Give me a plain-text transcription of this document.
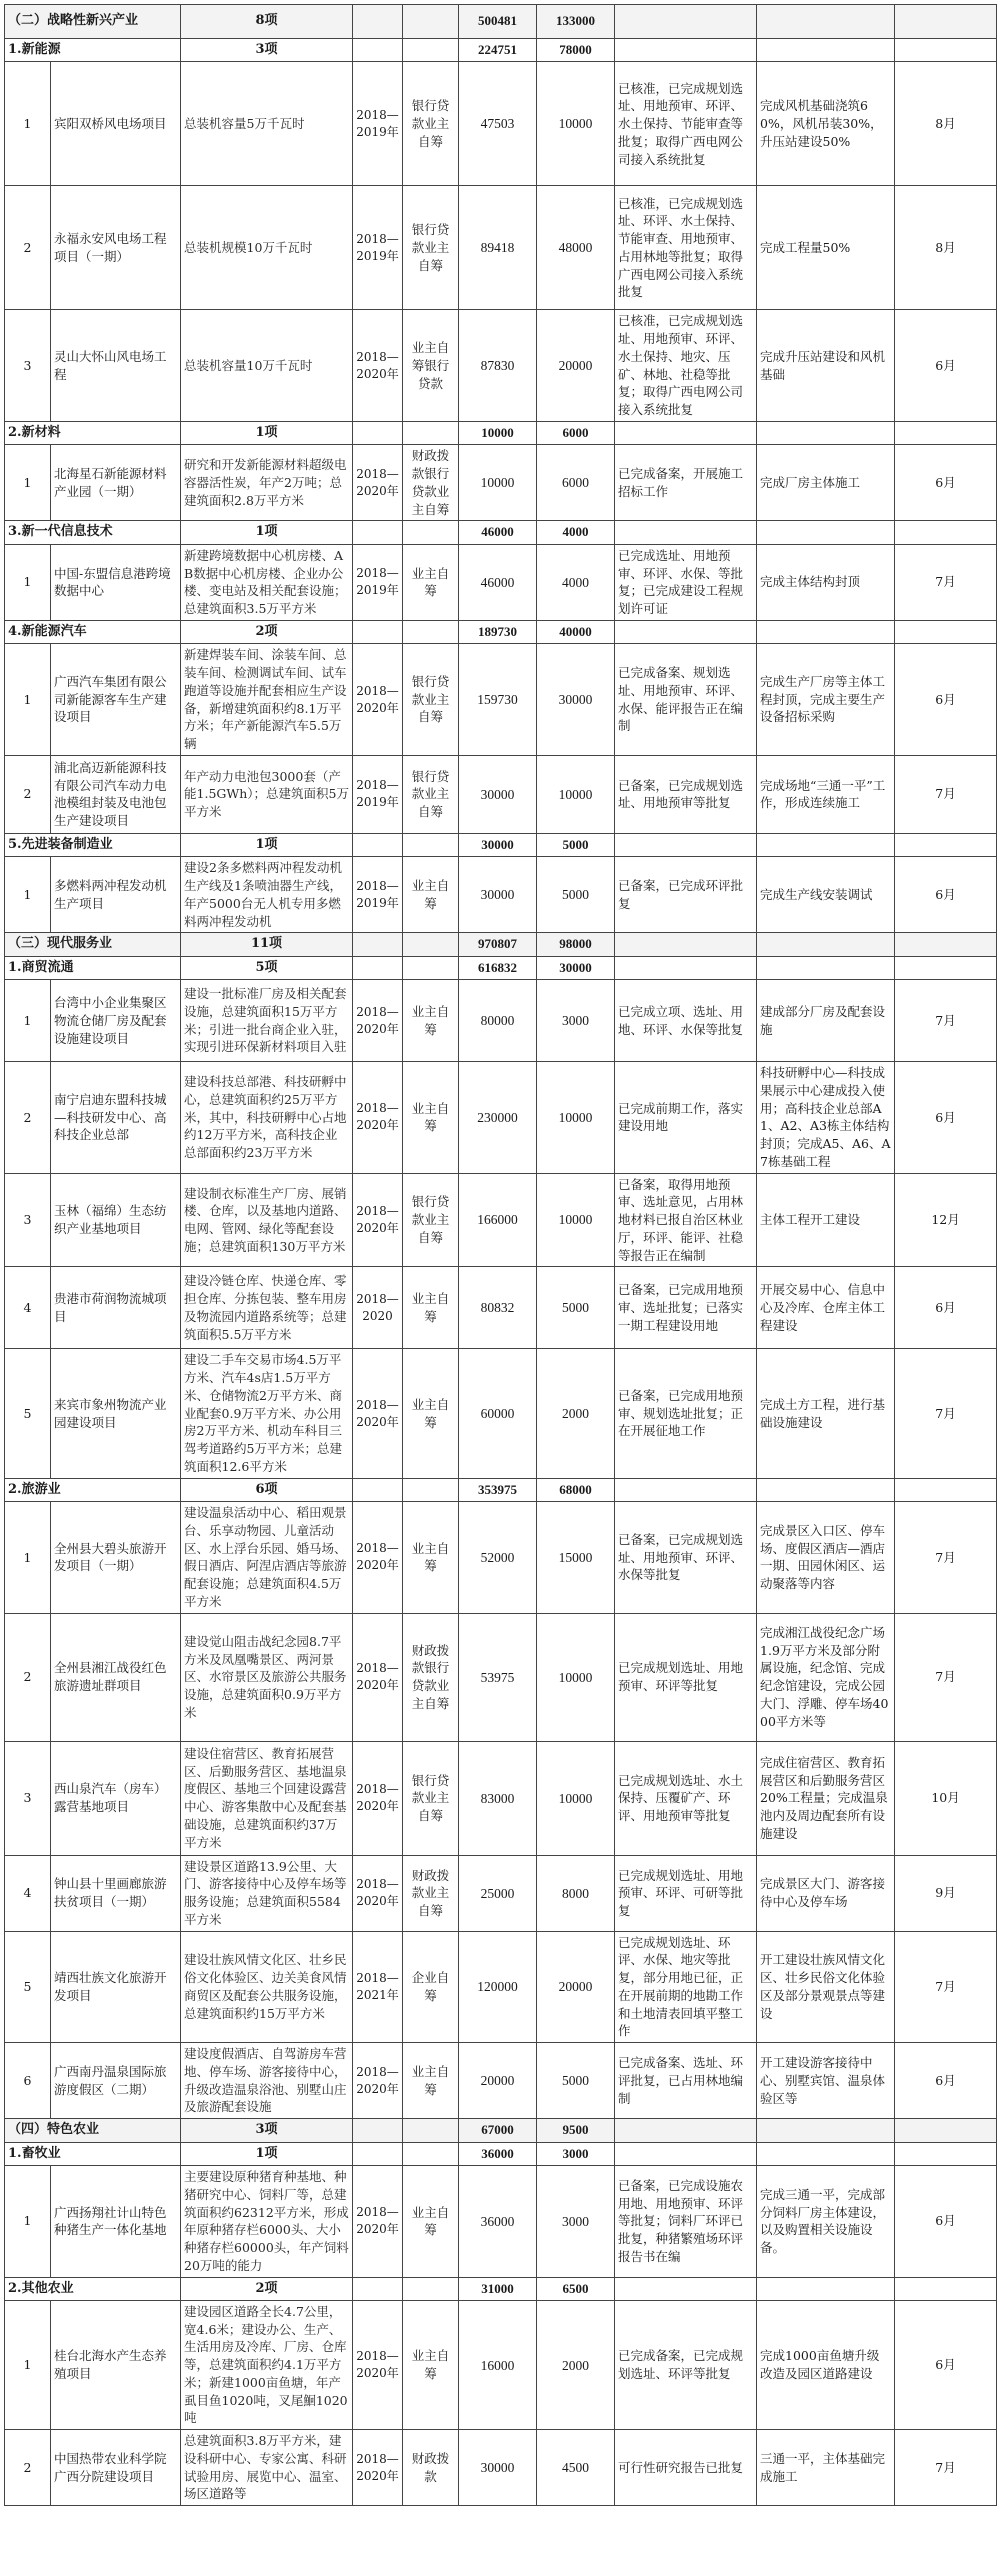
（二）战略性新兴产业		8项			500481	133000			
1.新能源		3项			224751	78000			
1	宾阳双桥风电场项目	总装机容量5万千瓦时	2018—2019年	银行贷款业主自筹	47503	10000	已核准，已完成规划选址、用地预审、环评、水土保持、节能审查等批复；取得广西电网公司接入系统批复	完成风机基础浇筑60%，风机吊装30%，升压站建设50%	8月
2	永福永安风电场工程项目（一期）	总装机规模10万千瓦时	2018—2019年	银行贷款业主自筹	89418	48000	已核准，已完成规划选址、环评、水土保持、节能审查、用地预审、占用林地等批复；取得广西电网公司接入系统批复	完成工程量50%	8月
3	灵山大怀山风电场工程	总装机容量10万千瓦时	2018—2020年	业主自筹银行贷款	87830	20000	已核准，已完成规划选址、用地预审、环评、水土保持、地灾、压矿、林地、社稳等批复；取得广西电网公司接入系统批复	完成升压站建设和风机基础	6月
2.新材料		1项			10000	6000			
1	北海星石新能源材料产业园（一期）	研究和开发新能源材料超级电容器活性炭，年产2万吨；总建筑面积2.8万平方米	2018—2020年	财政拨款银行贷款业主自筹	10000	6000	已完成备案，开展施工招标工作	完成厂房主体施工	6月
3.新一代信息技术		1项			46000	4000			
1	中国-东盟信息港跨境数据中心	新建跨境数据中心机房楼、AB数据中心机房楼、企业办公楼、变电站及相关配套设施；总建筑面积3.5万平方米	2018—2019年	业主自筹	46000	4000	已完成选址、用地预审、环评、水保、等批复；已完成建设工程规划许可证	完成主体结构封顶	7月
4.新能源汽车		2项			189730	40000			
1	广西汽车集团有限公司新能源客车生产建设项目	新建焊装车间、涂装车间、总装车间、检测调试车间、试车跑道等设施并配套相应生产设备，新增建筑面积约8.1万平方米；年产新能源汽车5.5万辆	2018—2020年	银行贷款业主自筹	159730	30000	已完成备案、规划选址、用地预审、环评、水保、能评报告正在编制	完成生产厂房等主体工程封顶，完成主要生产设备招标采购	6月
2	浦北高迈新能源科技有限公司汽车动力电池模组封装及电池包生产建设项目	年产动力电池包3000套（产能1.5GWh）；总建筑面积5万平方米	2018—2019年	银行贷款业主自筹	30000	10000	已备案，已完成规划选址、用地预审等批复	完成场地“三通一平”工作，形成连续施工	7月
5.先进装备制造业		1项			30000	5000			
1	多燃料两冲程发动机生产项目	建设2条多燃料两冲程发动机生产线及1条喷油器生产线，年产5000台无人机专用多燃料两冲程发动机	2018—2019年	业主自筹	30000	5000	已备案，已完成环评批复	完成生产线安装调试	6月
（三）现代服务业		11项			970807	98000			
1.商贸流通		5项			616832	30000			
1	台湾中小企业集聚区物流仓储厂房及配套设施建设项目	建设一批标准厂房及相关配套设施，总建筑面积15万平方米；引进一批台商企业入驻，实现引进环保新材料项目入驻	2018—2020年	业主自筹	80000	3000	已完成立项、选址、用地、环评、水保等批复	建成部分厂房及配套设施	7月
2	南宁启迪东盟科技城—科技研发中心、高科技企业总部	建设科技总部港、科技研孵中心，总建筑面积约25万平方米，其中，科技研孵中心占地约12万平方米，高科技企业总部面积约23万平方米	2018—2020年	业主自筹	230000	10000	已完成前期工作，落实建设用地	科技研孵中心—科技成果展示中心建成投入使用；高科技企业总部A1、A2、A3栋主体结构封顶；完成A5、A6、A7栋基础工程	6月
3	玉林（福绵）生态纺织产业基地项目	建设制衣标准生产厂房、展销楼、仓库，以及基地内道路、电网、管网、绿化等配套设施；总建筑面积130万平方米	2018—2020年	银行贷款业主自筹	166000	10000	已备案，取得用地预审、选址意见，占用林地材料已报自治区林业厅，环评、能评、社稳等报告正在编制	主体工程开工建设	12月
4	贵港市荷润物流城项目	建设冷链仓库、快递仓库、零担仓库、分拣包装、整车用房及物流园内道路系统等；总建筑面积5.5万平方米	2018—2020	业主自筹	80832	5000	已备案，已完成用地预审、选址批复；已落实一期工程建设用地	开展交易中心、信息中心及冷库、仓库主体工程建设	6月
5	来宾市象州物流产业园建设项目	建设二手车交易市场4.5万平方米、汽车4s店1.5万平方米、仓储物流2万平方米、商业配套0.9万平方米、办公用房2万平方米、机动车科目三驾考道路约5万平方米；总建筑面积12.6平方米	2018—2020年	业主自筹	60000	2000	已备案，已完成用地预审、规划选址批复；正在开展征地工作	完成土方工程，进行基础设施建设	7月
2.旅游业		6项			353975	68000			
1	全州县大碧头旅游开发项目（一期）	建设温泉活动中心、稻田观景台、乐享动物园、儿童活动区、水上浮台乐园、婚马场、假日酒店、阿涅店酒店等旅游配套设施；总建筑面积4.5万平方米	2018—2020年	业主自筹	52000	15000	已备案，已完成规划选址、用地预审、环评、水保等批复	完成景区入口区、停车场、度假区酒店—酒店一期、田园休闲区、运动聚落等内容	7月
2	全州县湘江战役红色旅游遗址群项目	建设觉山阻击战纪念园8.7平方米及凤凰嘴景区、两河景区、水帘景区及旅游公共服务设施，总建筑面积0.9万平方米	2018—2020年	财政拨款银行贷款业主自筹	53975	10000	已完成规划选址、用地预审、环评等批复	完成湘江战役纪念广场1.9万平方米及部分附属设施，纪念馆、完成纪念馆建设，完成公园大门、浮雕、停车场4000平方米等	7月
3	西山泉汽车（房车）露营基地项目	建设住宿营区、教育拓展营区、后勤服务营区、基地温泉度假区、基地三个回建设露营中心、游客集散中心及配套基础设施，总建筑面积约37万平方米	2018—2020年	银行贷款业主自筹	83000	10000	已完成规划选址、水土保持、压覆矿产、环评、用地预审等批复	完成住宿营区、教育拓展营区和后勤服务营区20%工程量；完成温泉池内及周边配套所有设施建设	10月
4	钟山县十里画廊旅游扶贫项目（一期）	建设景区道路13.9公里、大门、游客接待中心及停车场等服务设施；总建筑面积5584平方米	2018—2020年	财政拨款业主自筹	25000	8000	已完成规划选址、用地预审、环评、可研等批复	完成景区大门、游客接待中心及停车场	9月
5	靖西壮族文化旅游开发项目	建设壮族风情文化区、壮乡民俗文化体验区、边关美食风情商贸区及配套公共服务设施，总建筑面积约15万平方米	2018—2021年	企业自筹	120000	20000	已完成规划选址、环评、水保、地灾等批复，部分用地已征，正在开展前期的地勘工作和土地清表回填平整工作	开工建设壮族风情文化区、壮乡民俗文化体验区及部分景观景点等建设	7月
6	广西南丹温泉国际旅游度假区（二期）	建设度假酒店、自驾游房车营地、停车场、游客接待中心，升级改造温泉浴池、别墅山庄及旅游配套设施	2018—2020年	业主自筹	20000	5000	已完成备案、选址、环评批复，已占用林地编制	开工建设游客接待中心、别墅宾馆、温泉体验区等	6月
（四）特色农业		3项			67000	9500			
1.畜牧业		1项			36000	3000			
1	广西扬翔社计山特色种猪生产一体化基地	主要建设原种猪育种基地、种猪研究中心、饲料厂等，总建筑面积约62312平方米，形成年原种猪存栏6000头、大小种猪存栏60000头，年产饲料20万吨的能力	2018—2020年	业主自筹	36000	3000	已备案，已完成设施农用地、用地预审、环评等批复；饲料厂环评已批复，种猪繁殖场环评报告书在编	完成三通一平，完成部分饲料厂房主体建设，以及购置相关设施设备。	6月
2.其他农业		2项			31000	6500			
1	桂台北海水产生态养殖项目	建设园区道路全长4.7公里，宽4.6米；建设办公、生产、生活用房及冷库、厂房、仓库等，总建筑面积约4.1万平方米；新建1000亩鱼塘，年产虱目鱼1020吨，叉尾鮰1020吨	2018—2020年	业主自筹	16000	2000	已完成备案，已完成规划选址、环评等批复	完成1000亩鱼塘升级改造及园区道路建设	6月
2	中国热带农业科学院广西分院建设项目	总建筑面积3.8万平方米，建设科研中心、专家公寓、科研试验用房、展览中心、温室、场区道路等	2018—2020年	财政拨款	30000	4500	可行性研究报告已批复	三通一平，主体基础完成施工	7月
